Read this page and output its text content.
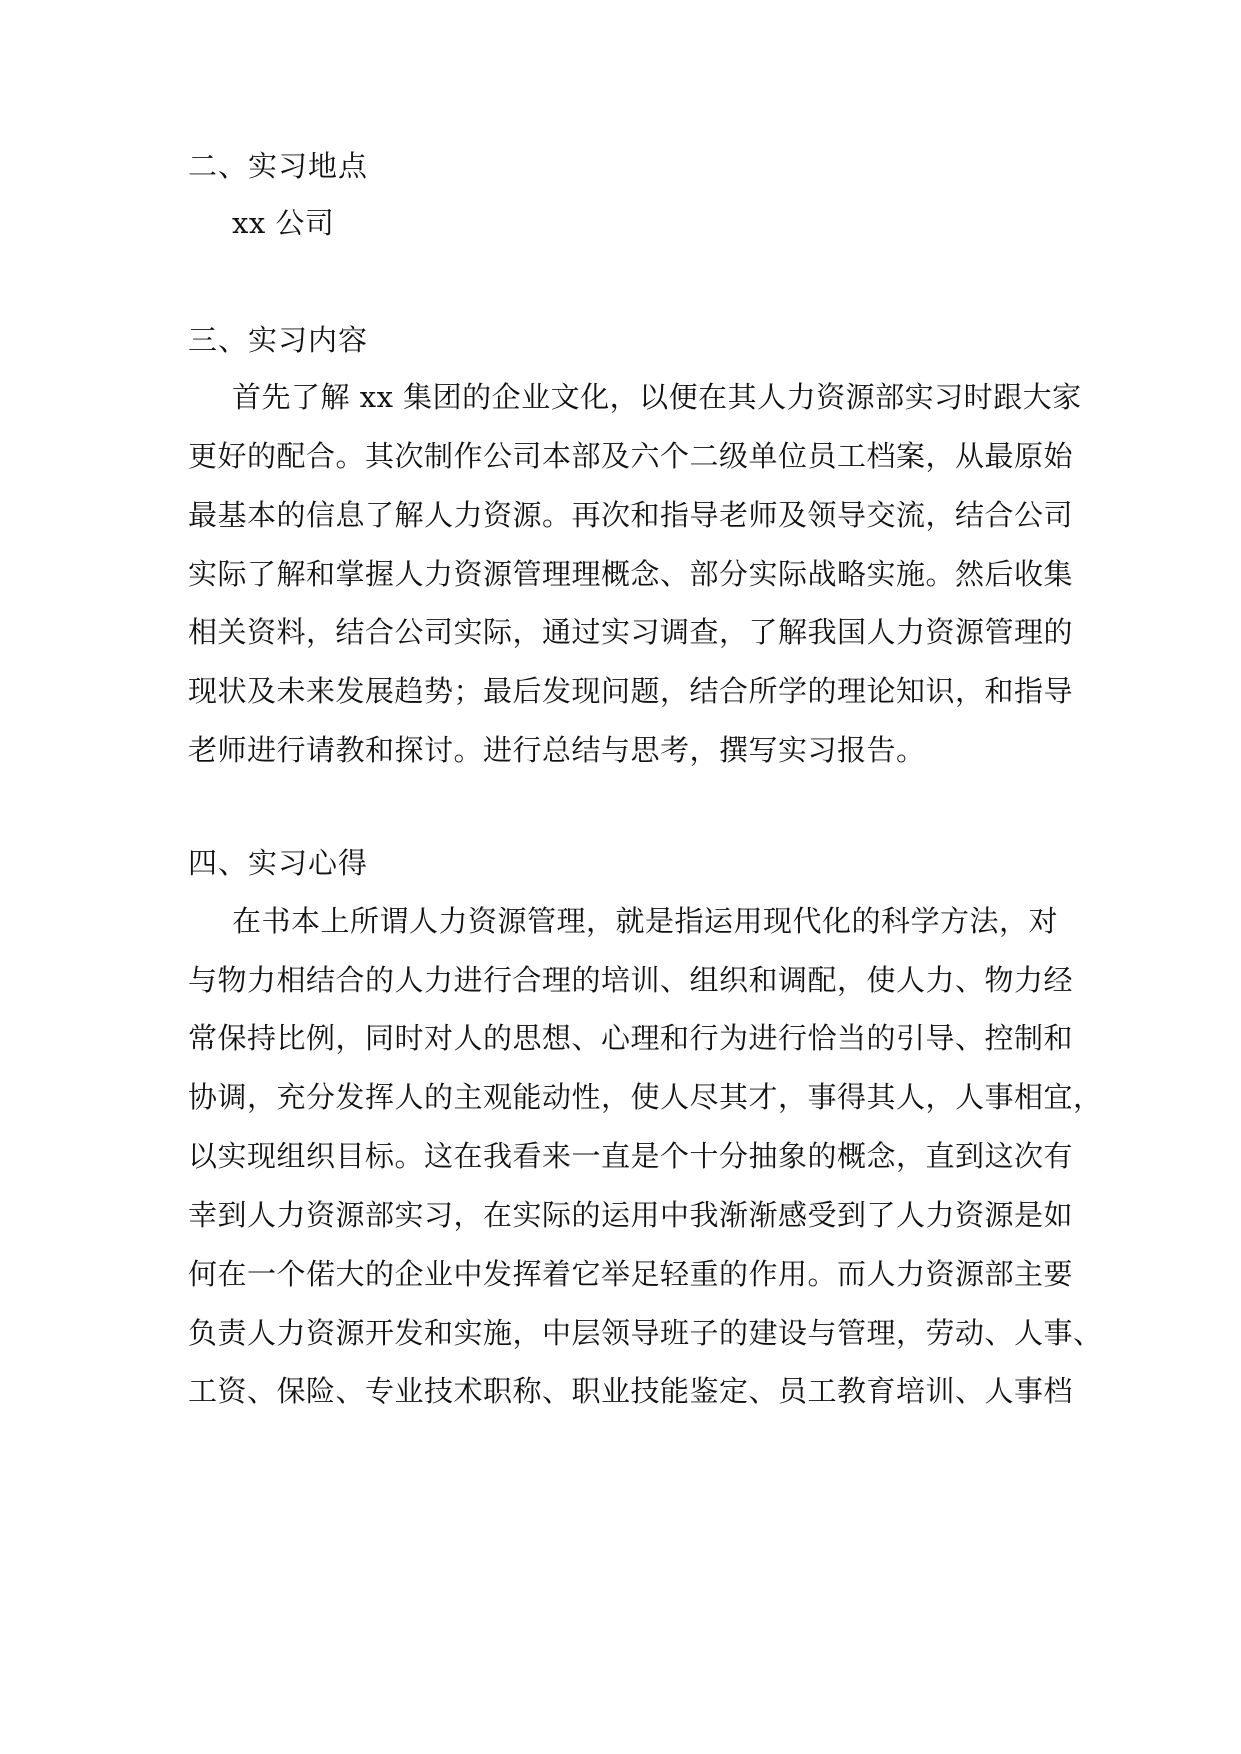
二、实习地点
xx 公司
三、实习内容
首先了解 xx 集团的企业文化，以便在其人力资源部实习时跟大家
更好的配合。其次制作公司本部及六个二级单位员工档案，从最原始
最基本的信息了解人力资源。再次和指导老师及领导交流，结合公司
实际了解和掌握人力资源管理理概念、部分实际战略实施。然后收集
相关资料，结合公司实际，通过实习调查，了解我国人力资源管理的
现状及未来发展趋势；最后发现问题，结合所学的理论知识，和指导
老师进行请教和探讨。进行总结与思考，撰写实习报告。
四、实习心得
在书本上所谓人力资源管理，就是指运用现代化的科学方法，对
与物力相结合的人力进行合理的培训、组织和调配，使人力、物力经
常保持比例，同时对人的思想、心理和行为进行恰当的引导、控制和
协调，充分发挥人的主观能动性，使人尽其才，事得其人，人事相宜，
以实现组织目标。这在我看来一直是个十分抽象的概念，直到这次有
幸到人力资源部实习，在实际的运用中我渐渐感受到了人力资源是如
何在一个偌大的企业中发挥着它举足轻重的作用。而人力资源部主要
负责人力资源开发和实施，中层领导班子的建设与管理，劳动、人事、
工资、保险、专业技术职称、职业技能鉴定、员工教育培训、人事档
